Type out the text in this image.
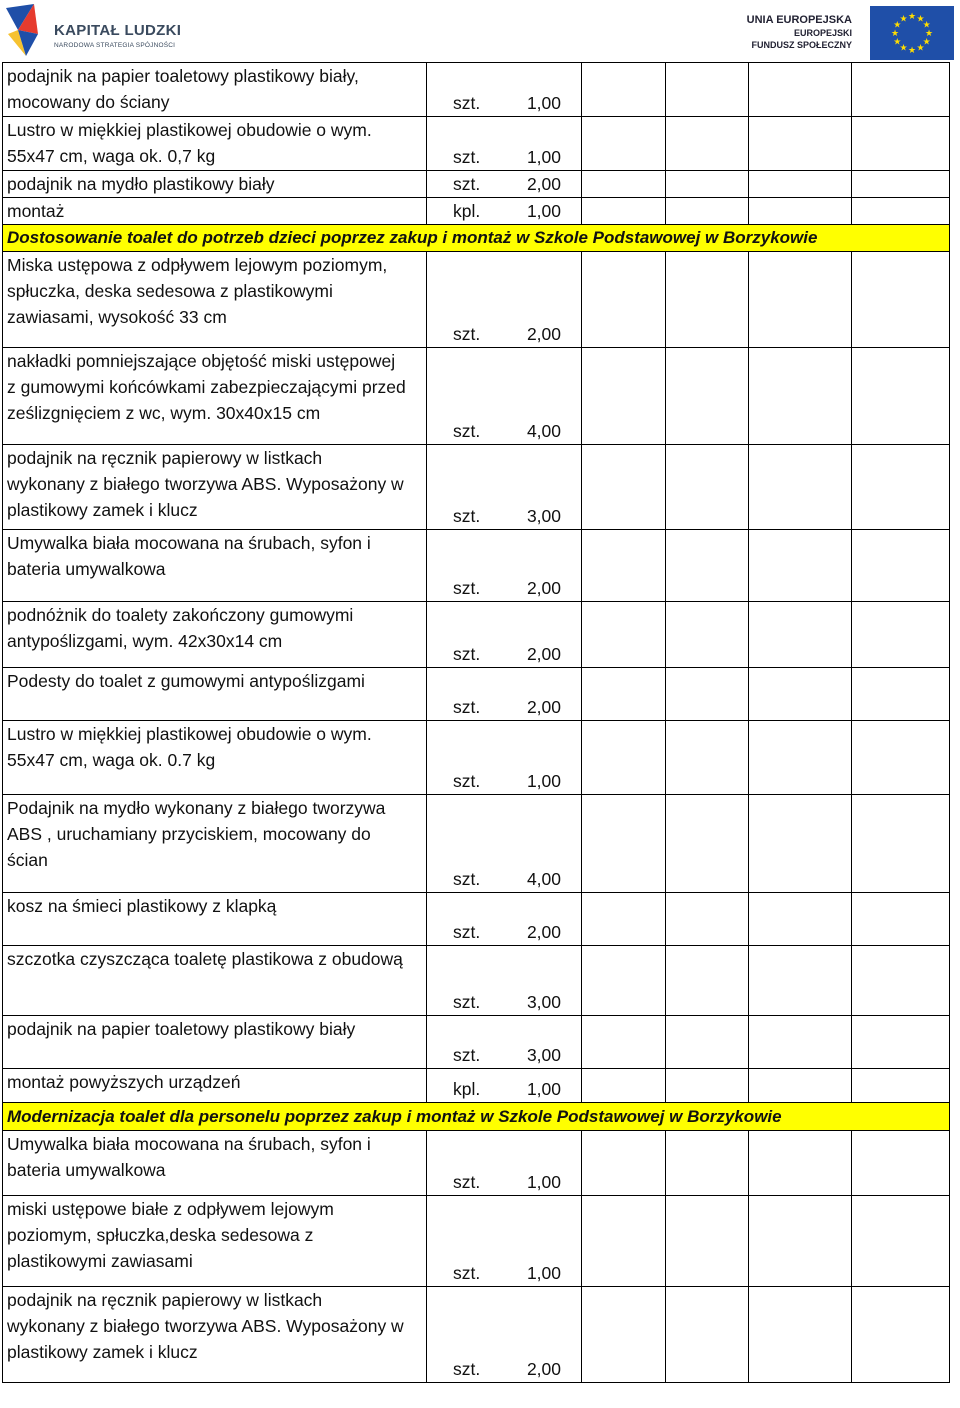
KAPITAŁ LUDZKI
NARODOWA STRATEGIA SPÓJNOŚCI
UNIA EUROPEJSKA
EUROPEJSKI
FUNDUSZ SPOŁECZNY
★
★
★
★
★
★
★
★
★ ★ ★
★
podajnik na papier toaletowy plastikowy biały,
mocowany do ściany	szt. 1,00				

Lustro w miękkiej plastikowej obudowie o wym.
55x47 cm, waga ok. 0,7 kg	szt. 1,00				

podajnik na mydło plastikowy biały	szt. 2,00				

montaż	kpl. 1,00				
Dostosowanie toalet do potrzeb dzieci poprzez zakup i montaż w Szkole Podstawowej w Borzykowie					

Miska ustępowa z odpływem lejowym poziomym,
spłuczka, deska sedesowa z plastikowymi
zawiasami, wysokość 33 cm	szt. 2,00				

nakładki pomniejszające objętość miski ustępowej
z gumowymi końcówkami zabezpieczającymi przed
ześlizgnięciem z wc, wym. 30x40x15 cm	szt. 4,00				

podajnik na ręcznik papierowy w listkach
wykonany z białego tworzywa ABS. Wyposażony w
plastikowy zamek i klucz	szt. 3,00				

Umywalka biała mocowana na śrubach, syfon i
bateria umywalkowa	szt. 2,00				

podnóżnik do toalety zakończony gumowymi
antypoślizgami, wym. 42x30x14 cm	szt. 2,00				

Podesty do toalet z gumowymi antypoślizgami	szt. 2,00				

Lustro w miękkiej plastikowej obudowie o wym.
55x47 cm, waga ok. 0.7 kg	szt. 1,00				

Podajnik na mydło wykonany z białego tworzywa
ABS , uruchamiany przyciskiem, mocowany do
ścian	szt. 4,00				

kosz na śmieci plastikowy z klapką	szt. 2,00				

szczotka czyszcząca toaletę plastikowa z obudową	szt. 3,00				

podajnik na papier toaletowy plastikowy biały	szt. 3,00				

montaż powyższych urządzeń	kpl. 1,00				
Modernizacja toalet dla personelu poprzez zakup i montaż w Szkole Podstawowej w Borzykowie					

Umywalka biała mocowana na śrubach, syfon i
bateria umywalkowa	szt. 1,00				

miski ustępowe białe z odpływem lejowym
poziomym, spłuczka,deska sedesowa z
plastikowymi zawiasami	szt. 1,00				

podajnik na ręcznik papierowy w listkach
wykonany z białego tworzywa ABS. Wyposażony w
plastikowy zamek i klucz	szt. 2,00				
